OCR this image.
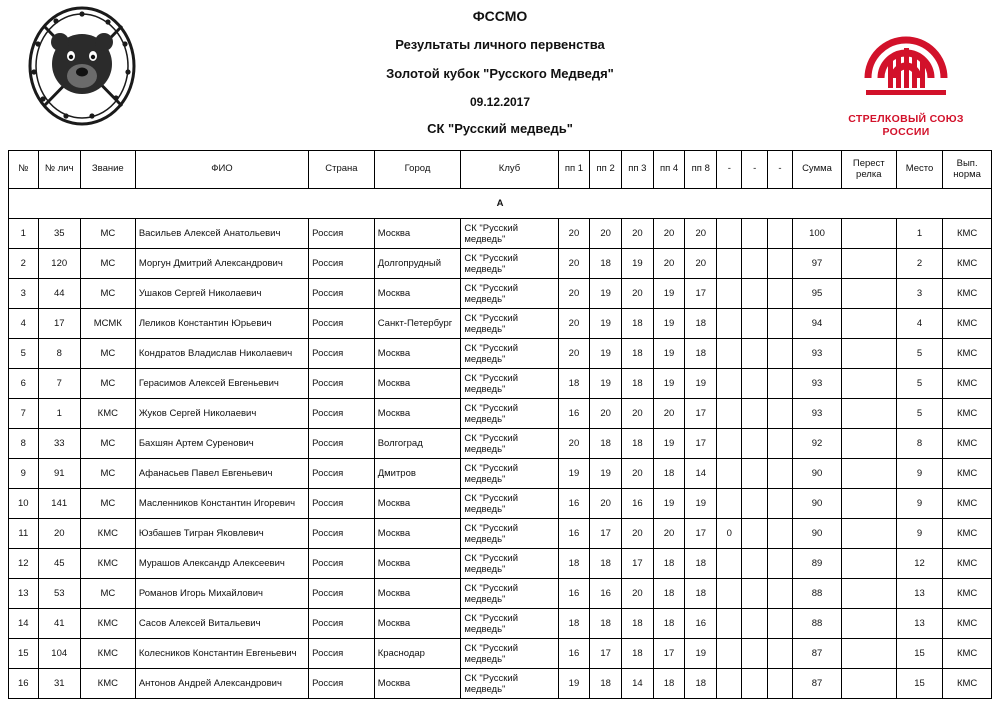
ФССМО
Результаты личного первенства
Золотой кубок "Русского Медведя"
09.12.2017
СК "Русский медведь"
СТРЕЛКОВЫЙ СОЮЗ
РОССИИ
№	№ лич	Звание	ФИО	Страна	Город	Клуб	пп 1	пп 2	пп 3	пп 4	пп 8	-	-	-	Сумма	Перест релка	Место	Вып. норма
А																		
1	35	МС	Васильев Алексей Анатольевич	Россия	Москва	СК "Русский медведь"	20	20	20	20	20				100		1	КМС
2	120	МС	Моргун Дмитрий Александрович	Россия	Долгопрудный	СК "Русский медведь"	20	18	19	20	20				97		2	КМС
3	44	МС	Ушаков Сергей Николаевич	Россия	Москва	СК "Русский медведь"	20	19	20	19	17				95		3	КМС
4	17	МСМК	Леликов Константин Юрьевич	Россия	Санкт-Петербург	СК "Русский медведь"	20	19	18	19	18				94		4	КМС
5	8	МС	Кондратов Владислав Николаевич	Россия	Москва	СК "Русский медведь"	20	19	18	19	18				93		5	КМС
6	7	МС	Герасимов Алексей Евгеньевич	Россия	Москва	СК "Русский медведь"	18	19	18	19	19				93		5	КМС
7	1	КМС	Жуков Сергей Николаевич	Россия	Москва	СК "Русский медведь"	16	20	20	20	17				93		5	КМС
8	33	МС	Бахшян Артем Суренович	Россия	Волгоград	СК "Русский медведь"	20	18	18	19	17				92		8	КМС
9	91	МС	Афанасьев Павел Евгеньевич	Россия	Дмитров	СК "Русский медведь"	19	19	20	18	14				90		9	КМС
10	141	МС	Масленников Константин Игоревич	Россия	Москва	СК "Русский медведь"	16	20	16	19	19				90		9	КМС
11	20	КМС	Юзбашев Тигран Яковлевич	Россия	Москва	СК "Русский медведь"	16	17	20	20	17	0			90		9	КМС
12	45	КМС	Мурашов Александр Алексеевич	Россия	Москва	СК "Русский медведь"	18	18	17	18	18				89		12	КМС
13	53	МС	Романов Игорь Михайлович	Россия	Москва	СК "Русский медведь"	16	16	20	18	18				88		13	КМС
14	41	КМС	Сасов Алексей Витальевич	Россия	Москва	СК "Русский медведь"	18	18	18	18	16				88		13	КМС
15	104	КМС	Колесников Константин Евгеньевич	Россия	Краснодар	СК "Русский медведь"	16	17	18	17	19				87		15	КМС
16	31	КМС	Антонов Андрей Александрович	Россия	Москва	СК "Русский медведь"	19	18	14	18	18				87		15	КМС
